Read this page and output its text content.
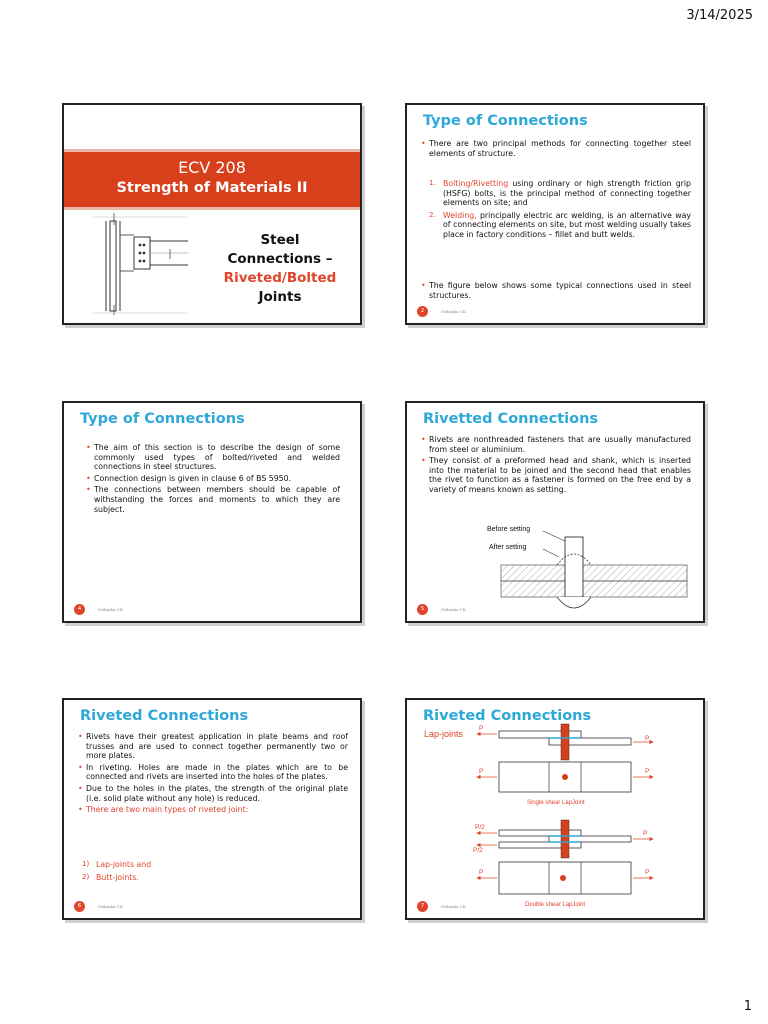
3/14/2025
ECV 208
Strength of Materials II
Steel
Connections –
Riveted/Bolted
Joints
Type of Connections
• There are two principal methods for connecting together steel elements of structure.
1. Bolting/Rivetting using ordinary or high strength friction grip (HSFG) bolts, is the principal method of connecting together elements on site; and
2. Welding, principally electric arc welding, is an alternative way of connecting elements on site, but most welding usually takes place in factory conditions – fillet and butt welds.
• The figure below shows some typical connections used in steel structures.
2	Githinku CK
Type of Connections
• The aim of this section is to describe the design of some commonly used types of bolted/riveted and welded connections in steel structures.
• Connection design is given in clause 6 of BS 5950.
• The connections between members should be capable of withstanding the forces and moments to which they are subject.
4	Githinku CK
Rivetted Connections
• Rivets are nonthreaded fasteners that are usually manufactured from steel or aluminium.
• They consist of a preformed head and shank, which is inserted into the material to be joined and the second head that enables the rivet to function as a fastener is formed on the free end by a variety of means known as setting.
Before setting
After setting
5	Githinku CK
Riveted Connections
• Rivets have their greatest application in plate beams and roof trusses and are used to connect together permanently two or more plates.
• In riveting. Holes are made in the plates which are to be connected and rivets are inserted into the holes of the plates.
• Due to the holes in the plates, the strength of the original plate (i.e. solid plate without any hole) is reduced.
• There are two main types of riveted joint:
1) Lap-joints and
2) Butt-joints.
6	Githinku CK
Riveted Connections
Lap-joints
P
P
P	P
Single shear LapJoint
P/2
P/2
P
P	P
Double shear LapJoint
7	Githinku CK
1
